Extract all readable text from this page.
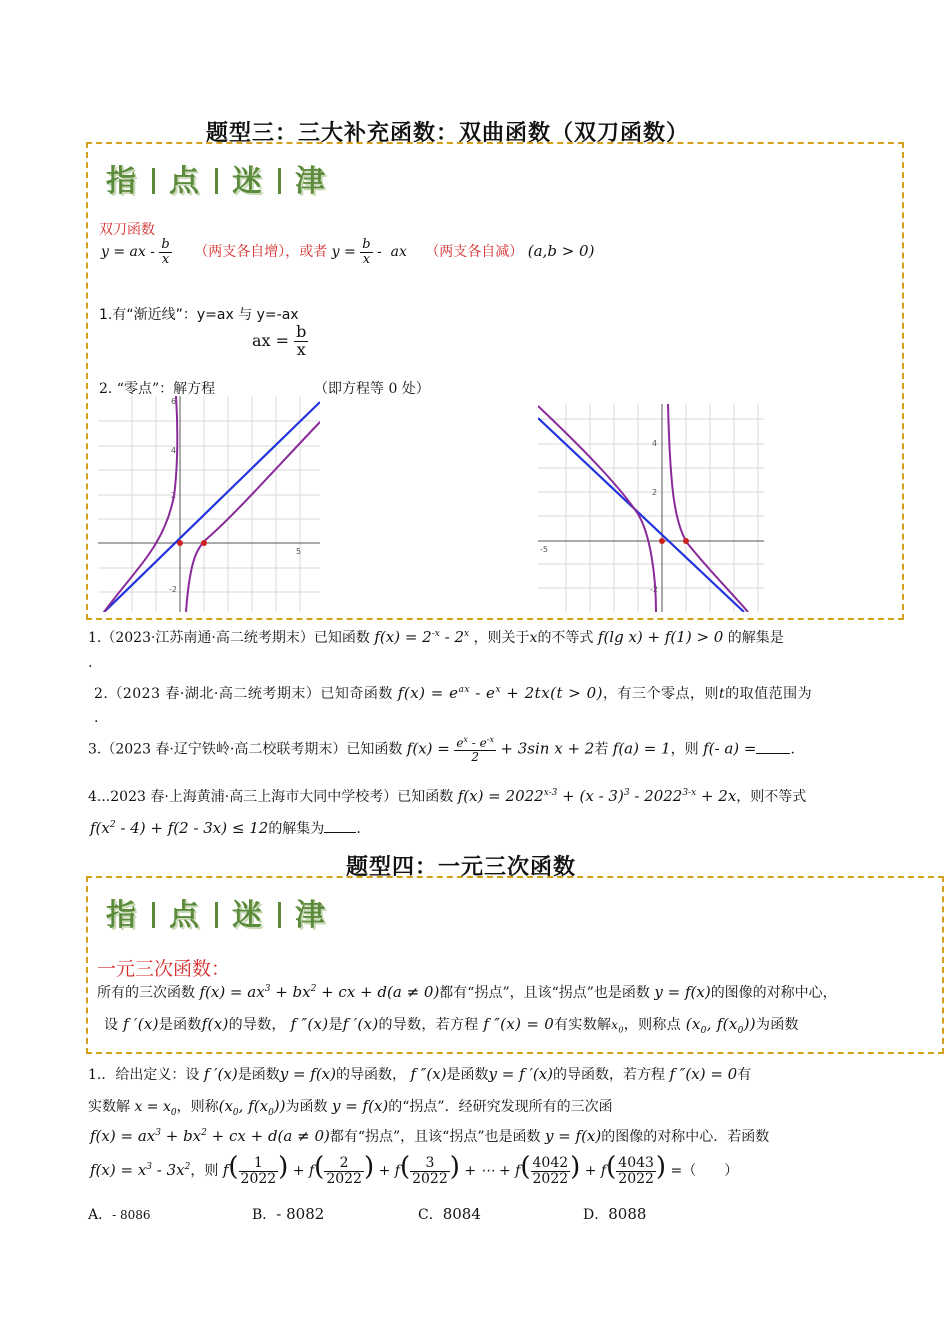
题型三：三大补充函数：双曲函数（双刀函数）
指 点 迷 津
双刀函数
y = ax - $\frac{b}{x}$ （两支各自增），或者 $y = \frac{b}{x}$ -  ax （两支各自减） (a,b > 0)
1.有“渐近线”：y=ax 与 y=-ax
ax = $\frac{b}{x}$
2. “零点”：解方程	（即方程等 0 处）
6
4
2
-2
5
4
2
-2
-5
1.（2023·江苏南通·高二统考期末）已知函数 $f(x) = 2^{-x} - 2^x$ ，则关于x的不等式 f(lg x) + f(1) > 0 的解集是
.
2.（2023 春·湖北·高二统考期末）已知奇函数 $f(x) = e^{ax} - e^x + 2tx(t > 0)$，有三个零点，则t的取值范围为
.
3.（2023 春·辽宁铁岭·高二校联考期末）已知函数 $f(x) = \frac{e^x - e^{-x}}{2} + 3\sin$ x + 2若 f(a) = 1，则 f(- a) = .
4...2023 春·上海黄浦·高三上海市大同中学校考）已知函数 $f(x) = 2022^{x-3} + (x - 3)^3 - 2022^{3-x} + 2x$，则不等式
$f(x^2 - 4) + f(2 - 3x) \le 12$的解集为 .
题型四：一元三次函数
指 点 迷 津
一元三次函数：
所有的三次函数 $f(x) = ax^3 + bx^2$ + cx + d(a ≠ 0)都有“拐点”，且该“拐点”也是函数 y = f(x)的图像的对称中心，
设 f ′(x)是函数f(x)的导数， f ″(x)是f ′(x)的导数，若方程 f ″(x) = 0有实数解$x_0$，则称点 ($x_0$, $f(x_0)$)为函数
1.．给出定义：设 f ′(x)是函数y = f(x)的导函数， f ″(x)是函数y = f ′(x)的导函数，若方程 f ″(x) = 0有
实数解 $x = x_0$，则称($x_0$, $f(x_0)$)为函数 y = f(x)的“拐点”．经研究发现所有的三次函
$f(x) = ax^3 + bx^2$ + cx + d(a ≠ 0)都有“拐点”，且该“拐点”也是函数 y = f(x)的图像的对称中心．若函数
$f(x) = x^3 - 3x^2$，则 $f( \frac{1}{2022}$ ) + $f( \frac{2}{2022}$ ) + $f( \frac{3}{2022}$ ) + ⋯ + $f( \frac{4042}{2022}$ ) + $f( \frac{4043}{2022}$ ) =（　　）
A．- 8086	B．- 8082	C．8084	D．8088
